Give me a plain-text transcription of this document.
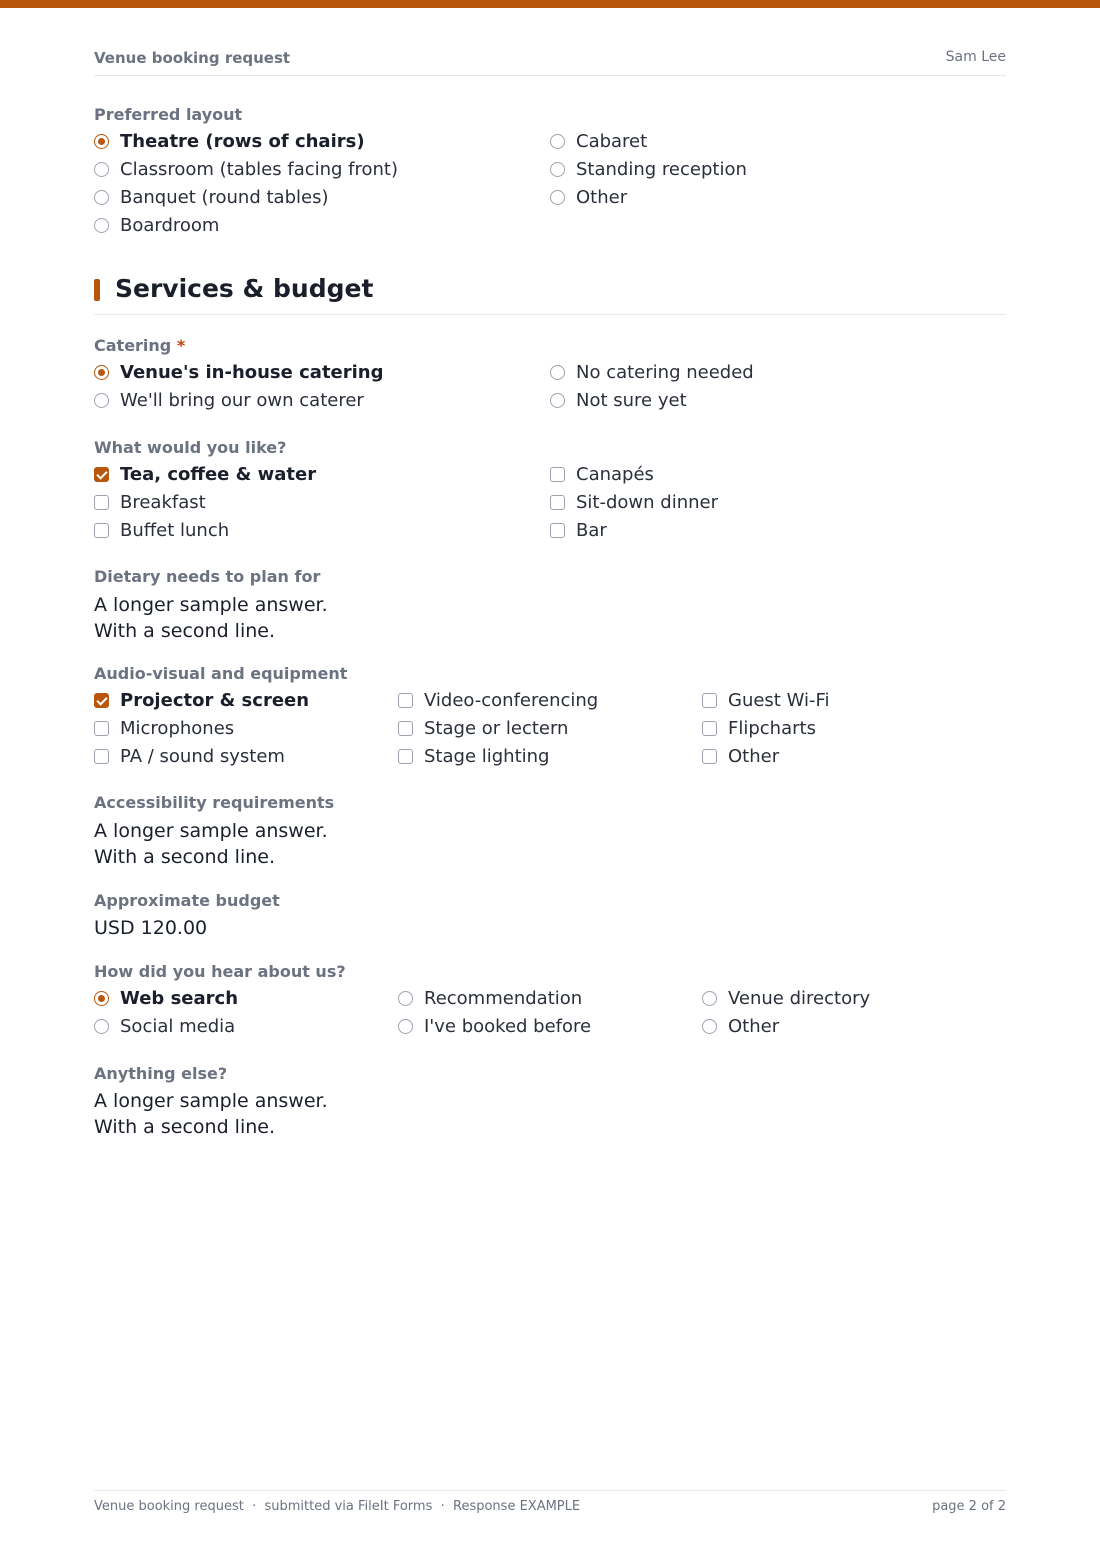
Venue booking request	Sam Lee
Preferred layout
Theatre (rows of chairs)
Classroom (tables facing front)
Banquet (round tables)
Boardroom
Cabaret
Standing reception
Other
Services & budget
Catering *
Venue's in-house catering
We'll bring our own caterer
No catering needed
Not sure yet
What would you like?
Tea, coffee & water
Breakfast
Buffet lunch
Canapés
Sit-down dinner
Bar
Dietary needs to plan for
A longer sample answer.
With a second line.
Audio-visual and equipment
Projector & screen
Microphones
PA / sound system
Video-conferencing
Stage or lectern
Stage lighting
Guest Wi-Fi
Flipcharts
Other
Accessibility requirements
A longer sample answer.
With a second line.
Approximate budget
USD 120.00
How did you hear about us?
Web search
Social media
Recommendation
I've booked before
Venue directory
Other
Anything else?
A longer sample answer.
With a second line.
Venue booking request  ·  submitted via FileIt Forms  ·  Response EXAMPLE	page 2 of 2
